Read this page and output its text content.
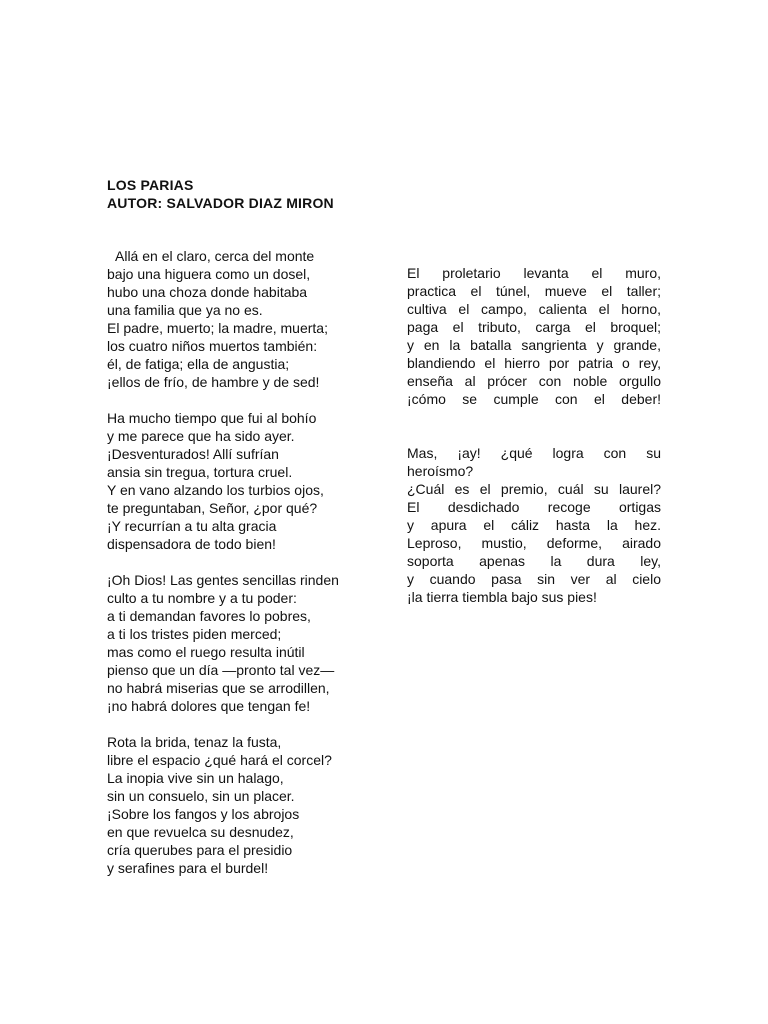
LOS PARIAS
AUTOR: SALVADOR DIAZ MIRON
Allá en el claro, cerca del monte
bajo una higuera como un dosel,
hubo una choza donde habitaba
una familia que ya no es.
El padre, muerto; la madre, muerta;
los cuatro niños muertos también:
él, de fatiga; ella de angustia;
¡ellos de frío, de hambre y de sed!
Ha mucho tiempo que fui al bohío
y me parece que ha sido ayer.
¡Desventurados! Allí sufrían
ansia sin tregua, tortura cruel.
Y en vano alzando los turbios ojos,
te preguntaban, Señor, ¿por qué?
¡Y recurrían a tu alta gracia
dispensadora de todo bien!
¡Oh Dios! Las gentes sencillas rinden
culto a tu nombre y a tu poder:
a ti demandan favores lo pobres,
a ti los tristes piden merced;
mas como el ruego resulta inútil
pienso que un día —pronto tal vez—
no habrá miserias que se arrodillen,
¡no habrá dolores que tengan fe!
Rota la brida, tenaz la fusta,
libre el espacio ¿qué hará el corcel?
La inopia vive sin un halago,
sin un consuelo, sin un placer.
¡Sobre los fangos y los abrojos
en que revuelca su desnudez,
cría querubes para el presidio
y serafines para el burdel!
El proletario levanta el muro,
practica el túnel, mueve el taller;
cultiva el campo, calienta el horno,
paga el tributo, carga el broquel;
y en la batalla sangrienta y grande,
blandiendo el hierro por patria o rey,
enseña al prócer con noble orgullo
¡cómo se cumple con el deber!
Mas, ¡ay! ¿qué logra con su
heroísmo?
¿Cuál es el premio, cuál su laurel?
El desdichado recoge ortigas
y apura el cáliz hasta la hez.
Leproso, mustio, deforme, airado
soporta apenas la dura ley,
y cuando pasa sin ver al cielo
¡la tierra tiembla bajo sus pies!
